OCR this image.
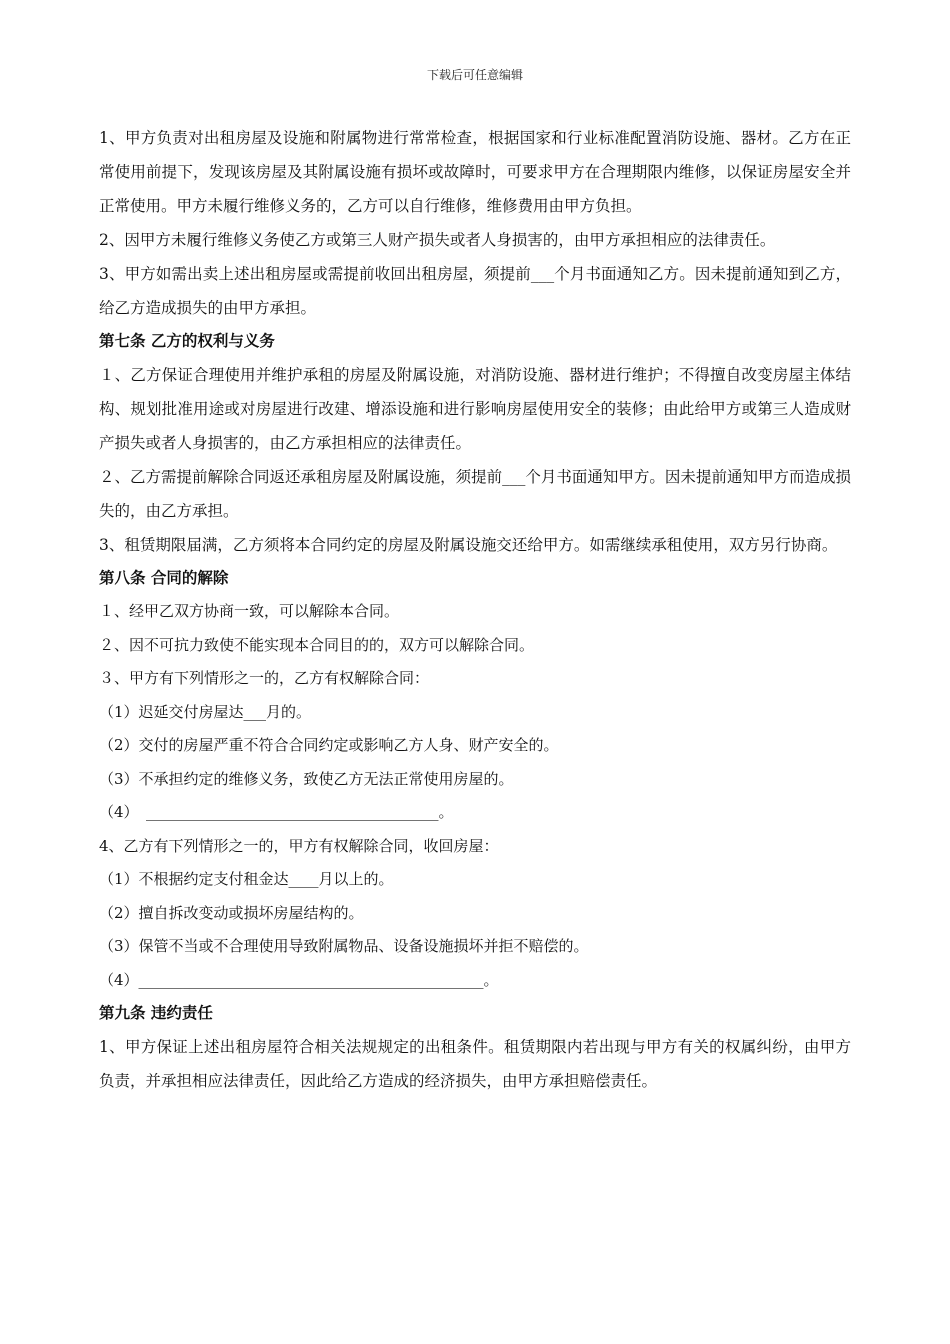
下载后可任意编辑

1、甲方负责对出租房屋及设施和附属物进行常常检查，根据国家和行业标准配置消防设施、器材。乙方在正常使用前提下，发现该房屋及其附属设施有损坏或故障时，可要求甲方在合理期限内维修，以保证房屋安全并正常使用。甲方未履行维修义务的，乙方可以自行维修，维修费用由甲方负担。

2、因甲方未履行维修义务使乙方或第三人财产损失或者人身损害的，由甲方承担相应的法律责任。

3、甲方如需出卖上述出租房屋或需提前收回出租房屋，须提前___个月书面通知乙方。因未提前通知到乙方，给乙方造成损失的由甲方承担。

第七条 乙方的权利与义务

１、乙方保证合理使用并维护承租的房屋及附属设施，对消防设施、器材进行维护；不得擅自改变房屋主体结构、规划批准用途或对房屋进行改建、增添设施和进行影响房屋使用安全的装修；由此给甲方或第三人造成财产损失或者人身损害的，由乙方承担相应的法律责任。

２、乙方需提前解除合同返还承租房屋及附属设施，须提前___个月书面通知甲方。因未提前通知甲方而造成损失的，由乙方承担。

3、租赁期限届满，乙方须将本合同约定的房屋及附属设施交还给甲方。如需继续承租使用，双方另行协商。

第八条 合同的解除

１、经甲乙双方协商一致，可以解除本合同。

２、因不可抗力致使不能实现本合同目的的，双方可以解除合同。

３、甲方有下列情形之一的，乙方有权解除合同：

（1）迟延交付房屋达___月的。

（2）交付的房屋严重不符合合同约定或影响乙方人身、财产安全的。

（3）不承担约定的维修义务，致使乙方无法正常使用房屋的。

（4）　_______________________________________。

4、乙方有下列情形之一的，甲方有权解除合同，收回房屋：

（1）不根据约定支付租金达____月以上的。

（2）擅自拆改变动或损坏房屋结构的。

（3）保管不当或不合理使用导致附属物品、设备设施损坏并拒不赔偿的。

（4）______________________________________________。

第九条 违约责任

1、甲方保证上述出租房屋符合相关法规规定的出租条件。租赁期限内若出现与甲方有关的权属纠纷，由甲方负责，并承担相应法律责任，因此给乙方造成的经济损失，由甲方承担赔偿责任。
